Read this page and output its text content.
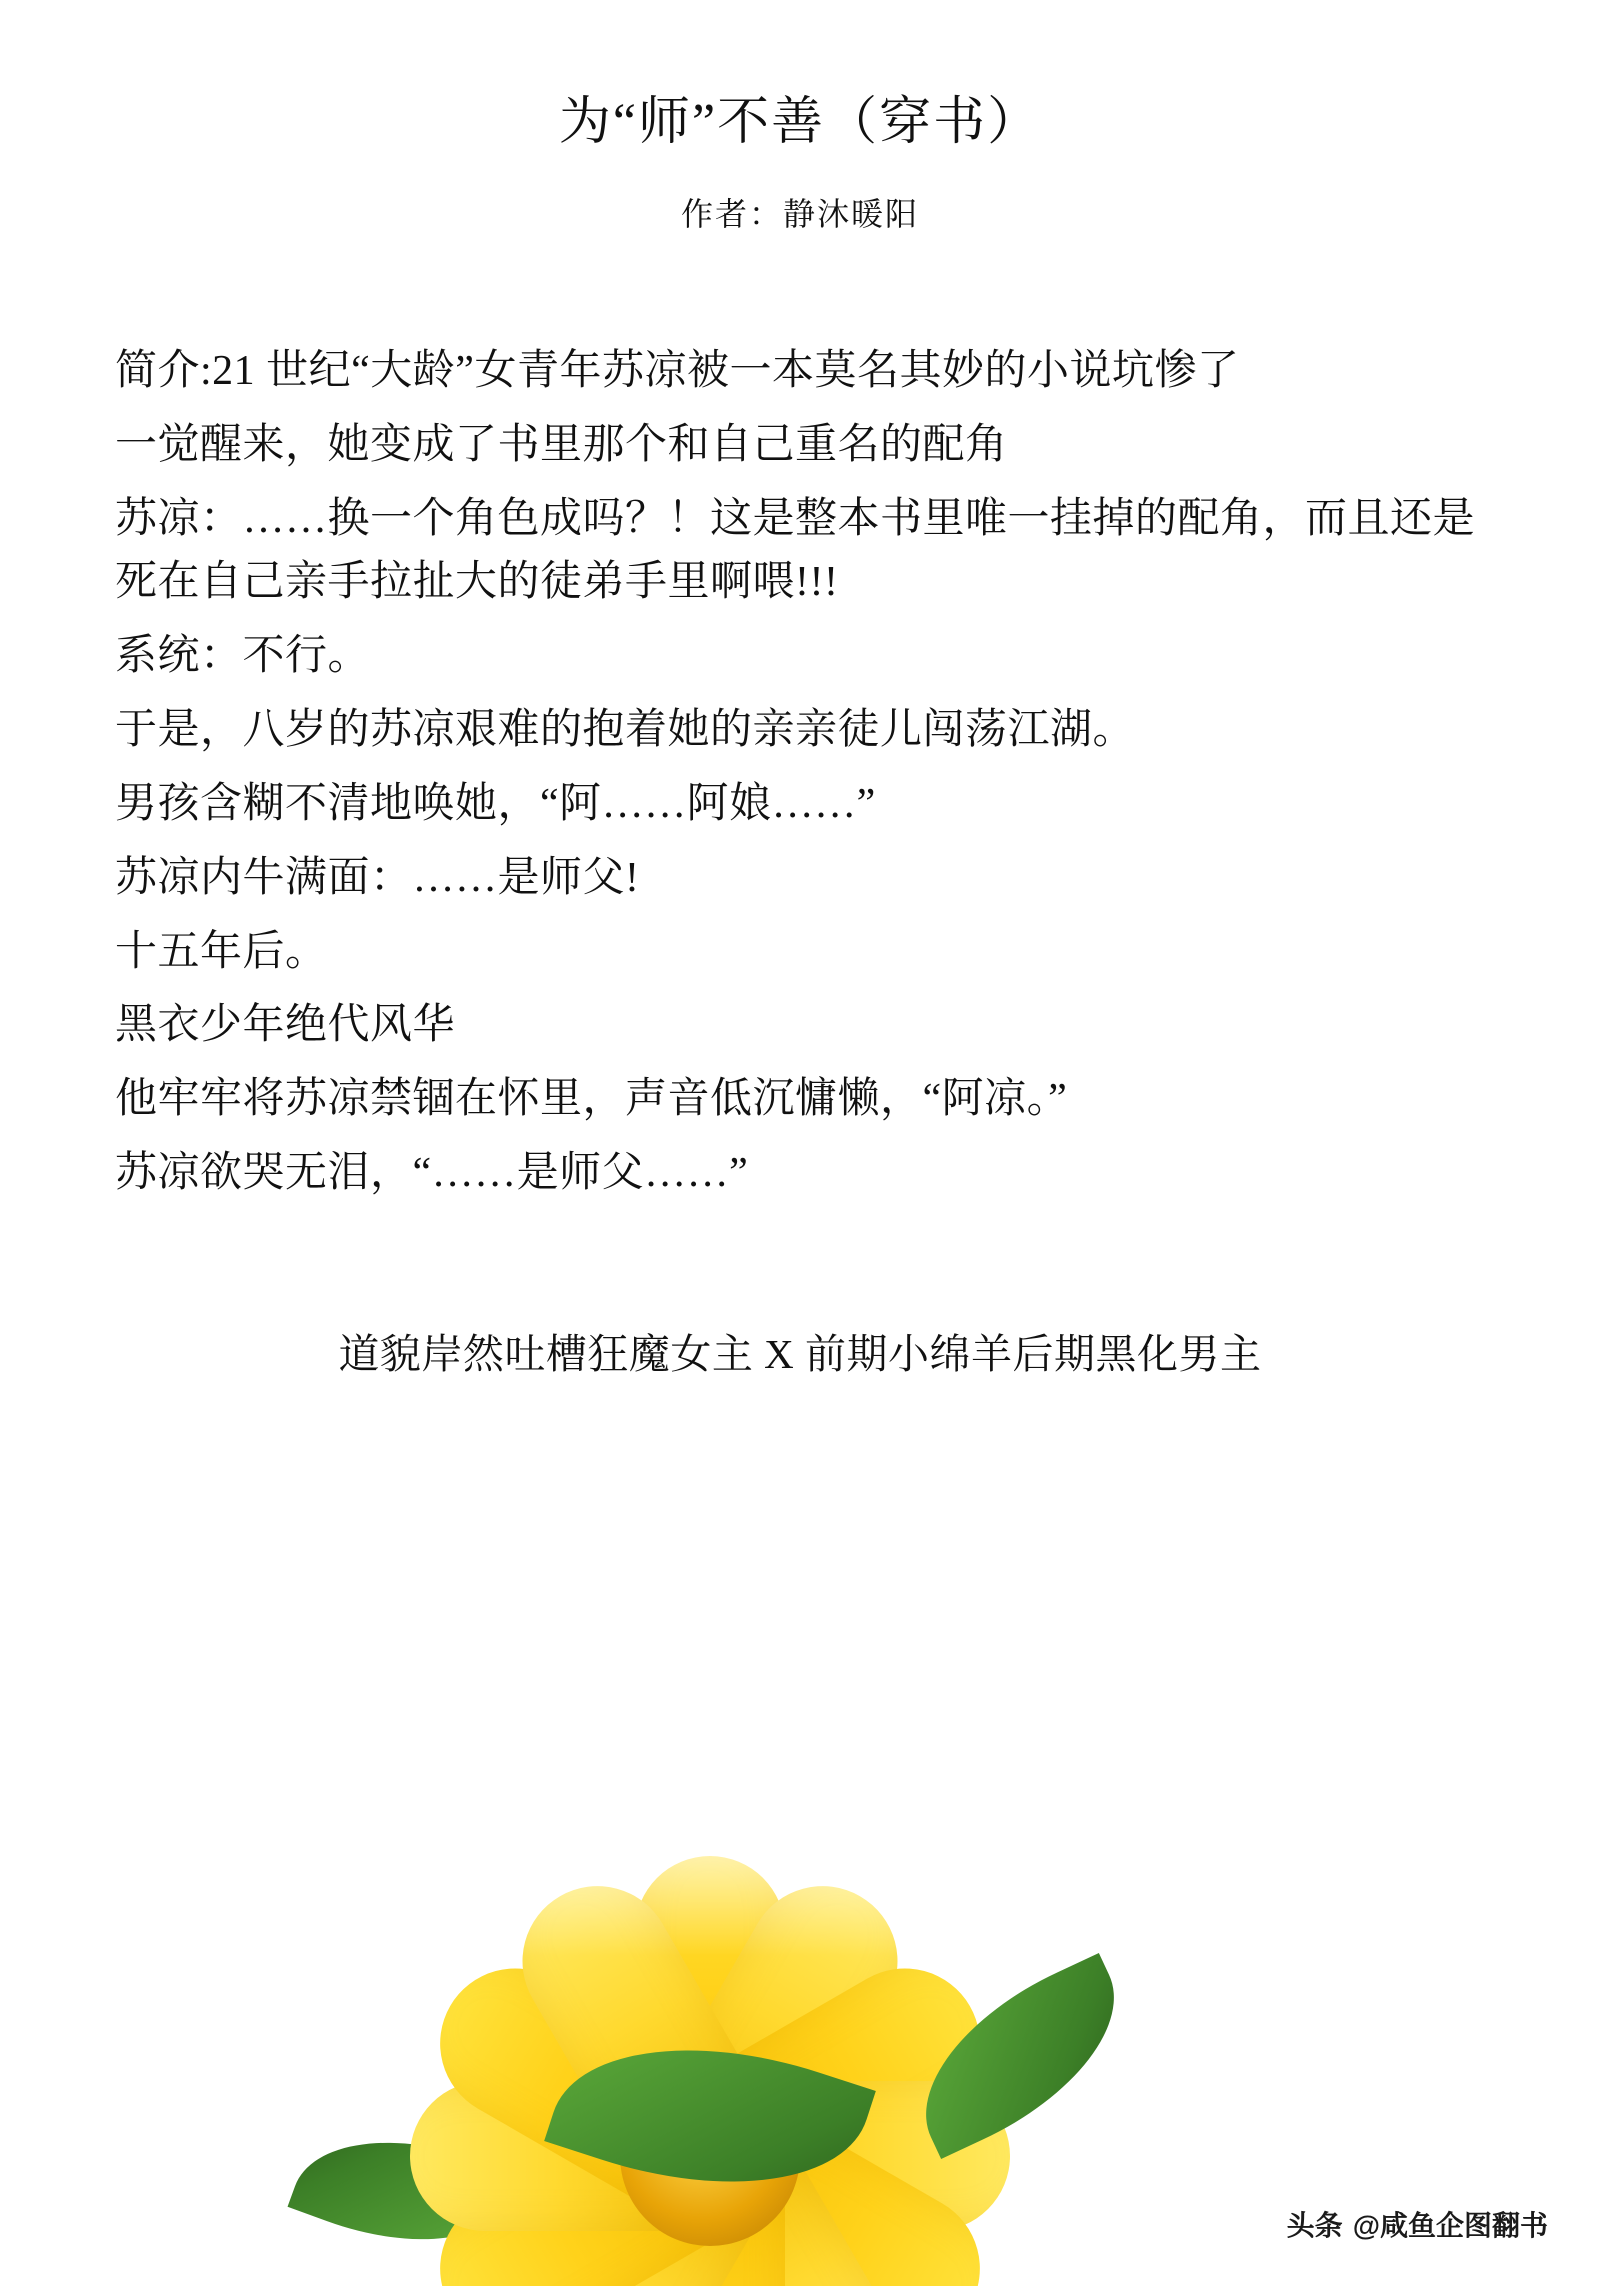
为“师”不善（穿书）
作者：静沐暖阳

简介:21 世纪“大龄”女青年苏凉被一本莫名其妙的小说坑惨了

一觉醒来，她变成了书里那个和自己重名的配角

苏凉：……换一个角色成吗？！这是整本书里唯一挂掉的配角，而且还是死在自己亲手拉扯大的徒弟手里啊喂!!!

系统：不行。

于是，八岁的苏凉艰难的抱着她的亲亲徒儿闯荡江湖。

男孩含糊不清地唤她，“阿……阿娘……”

苏凉内牛满面：……是师父!

十五年后。

黑衣少年绝代风华

他牢牢将苏凉禁锢在怀里，声音低沉慵懒，“阿凉。”

苏凉欲哭无泪，“……是师父……”

道貌岸然吐槽狂魔女主 X 前期小绵羊后期黑化男主
头条 @咸鱼企图翻书
